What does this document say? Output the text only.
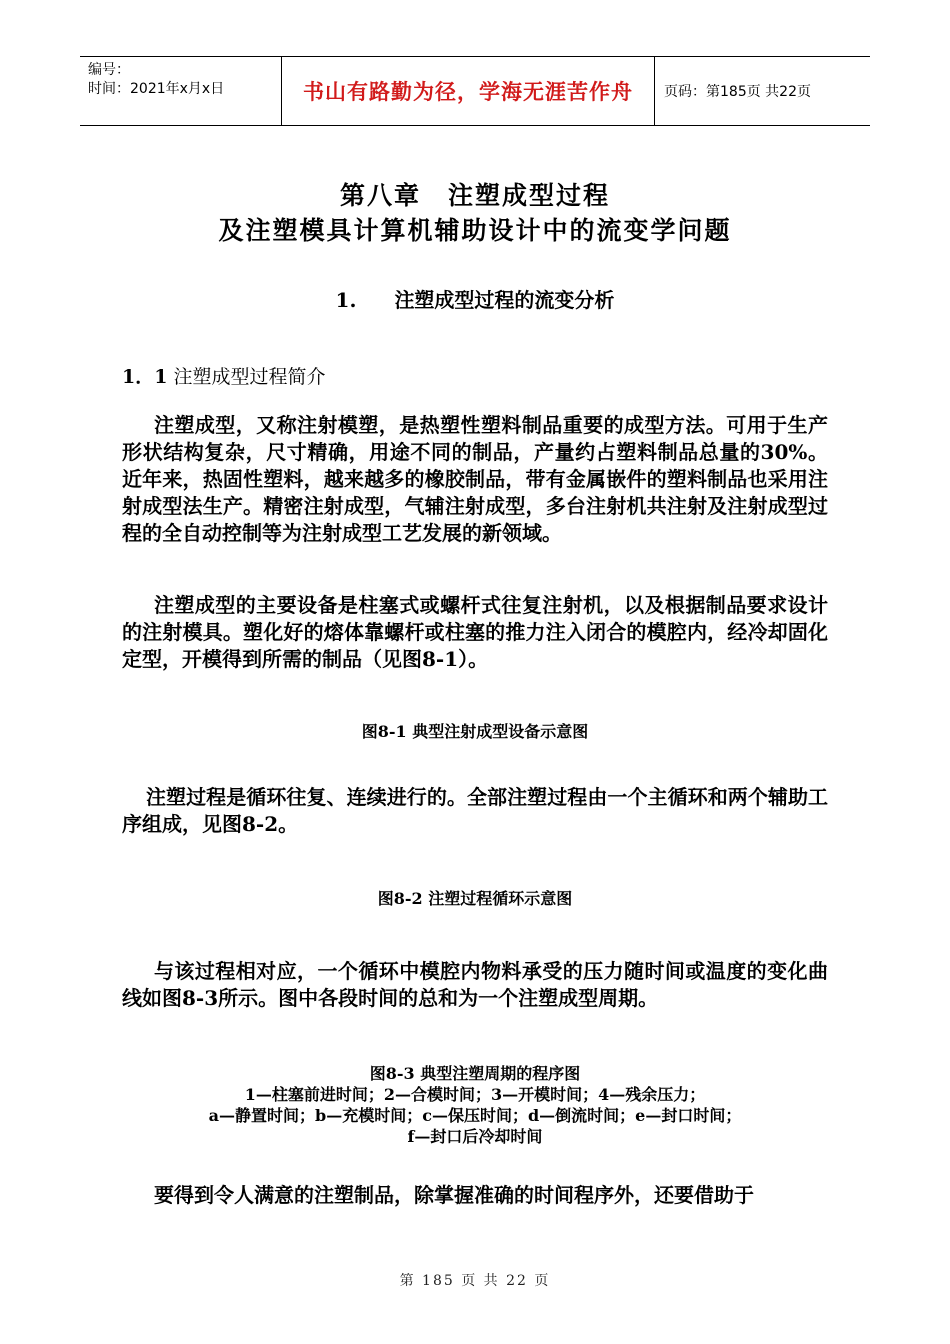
编号：
时间：2021年x月x日	书山有路勤为径，学海无涯苦作舟	页码：第185页 共22页
第八章　注塑成型过程
及注塑模具计算机辅助设计中的流变学问题
1. 注塑成型过程的流变分析
1．1 注塑成型过程简介
注塑成型，又称注射模塑，是热塑性塑料制品重要的成型方法。可用于生产形状结构复杂，尺寸精确，用途不同的制品，产量约占塑料制品总量的30%。近年来，热固性塑料，越来越多的橡胶制品，带有金属嵌件的塑料制品也采用注射成型法生产。精密注射成型，气辅注射成型，多台注射机共注射及注射成型过程的全自动控制等为注射成型工艺发展的新领域。
注塑成型的主要设备是柱塞式或螺杆式往复注射机，以及根据制品要求设计的注射模具。塑化好的熔体靠螺杆或柱塞的推力注入闭合的模腔内，经冷却固化定型，开模得到所需的制品（见图8-1）。
图8-1 典型注射成型设备示意图
注塑过程是循环往复、连续进行的。全部注塑过程由一个主循环和两个辅助工序组成，见图8-2。
图8-2 注塑过程循环示意图
与该过程相对应，一个循环中模腔内物料承受的压力随时间或温度的变化曲线如图8-3所示。图中各段时间的总和为一个注塑成型周期。
图8-3 典型注塑周期的程序图
1—柱塞前进时间；2—合模时间；3—开模时间；4—残余压力；
a—静置时间；b—充模时间；c—保压时间；d—倒流时间；e—封口时间；
f—封口后冷却时间
要得到令人满意的注塑制品，除掌握准确的时间程序外，还要借助于
第 185 页 共 22 页
